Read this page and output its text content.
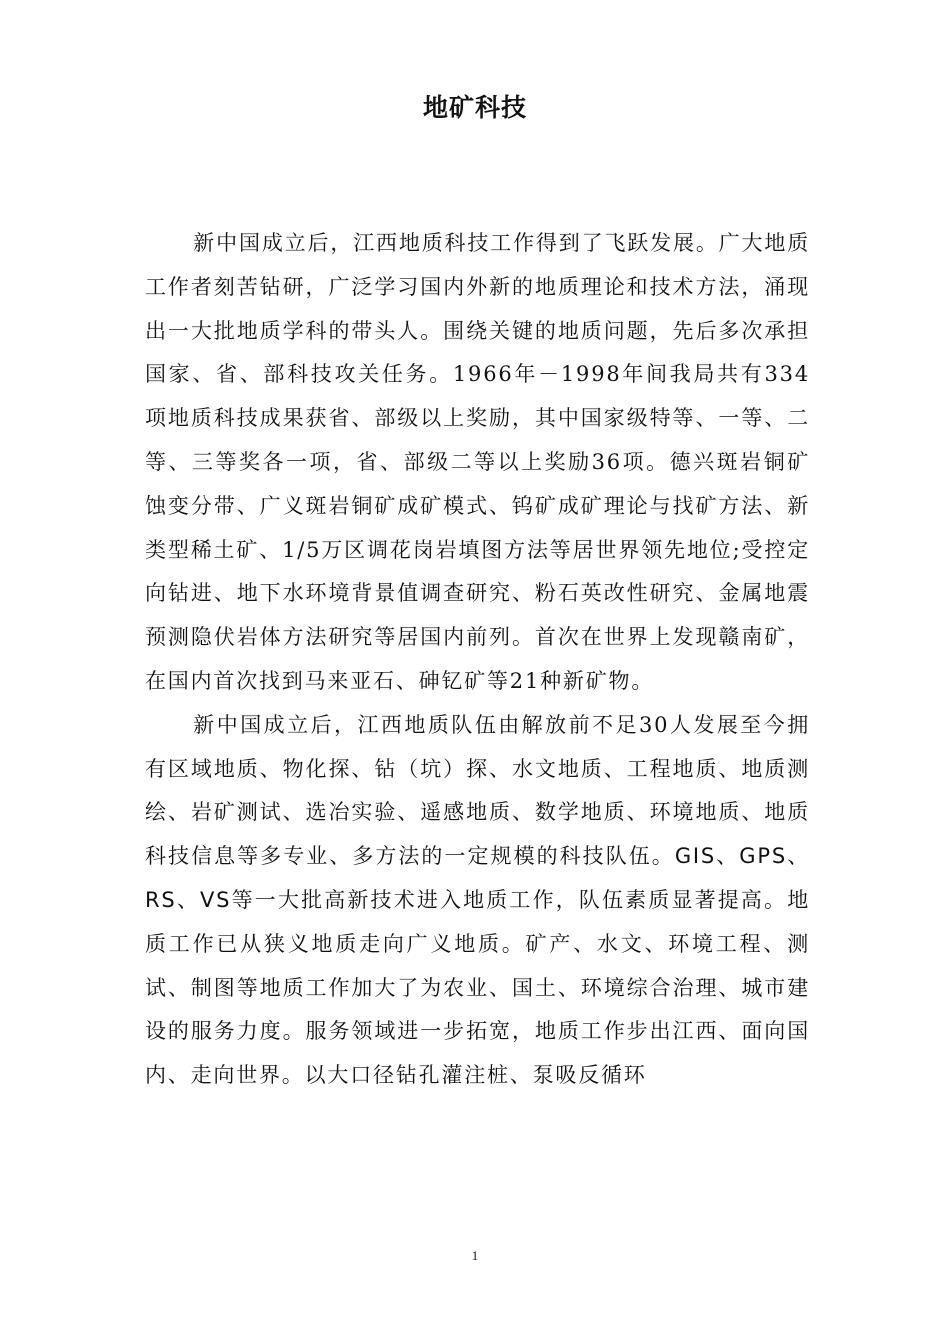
地矿科技

新中国成立后，江西地质科技工作得到了飞跃发展。广大地质工作者刻苦钻研，广泛学习国内外新的地质理论和技术方法，涌现出一大批地质学科的带头人。围绕关键的地质问题，先后多次承担国家、省、部科技攻关任务。1966年－1998年间我局共有334项地质科技成果获省、部级以上奖励，其中国家级特等、一等、二等、三等奖各一项，省、部级二等以上奖励36项。德兴斑岩铜矿蚀变分带、广义斑岩铜矿成矿模式、钨矿成矿理论与找矿方法、新类型稀土矿、1/5万区调花岗岩填图方法等居世界领先地位;受控定向钻进、地下水环境背景值调查研究、粉石英改性研究、金属地震预测隐伏岩体方法研究等居国内前列。首次在世界上发现赣南矿，在国内首次找到马来亚石、砷钇矿等21种新矿物。

新中国成立后，江西地质队伍由解放前不足30人发展至今拥有区域地质、物化探、钻（坑）探、水文地质、工程地质、地质测绘、岩矿测试、选冶实验、遥感地质、数学地质、环境地质、地质科技信息等多专业、多方法的一定规模的科技队伍。GIS、GPS、RS、VS等一大批高新技术进入地质工作，队伍素质显著提高。地质工作已从狭义地质走向广义地质。矿产、水文、环境工程、测试、制图等地质工作加大了为农业、国土、环境综合治理、城市建设的服务力度。服务领域进一步拓宽，地质工作步出江西、面向国内、走向世界。以大口径钻孔灌注桩、泵吸反循环

1
